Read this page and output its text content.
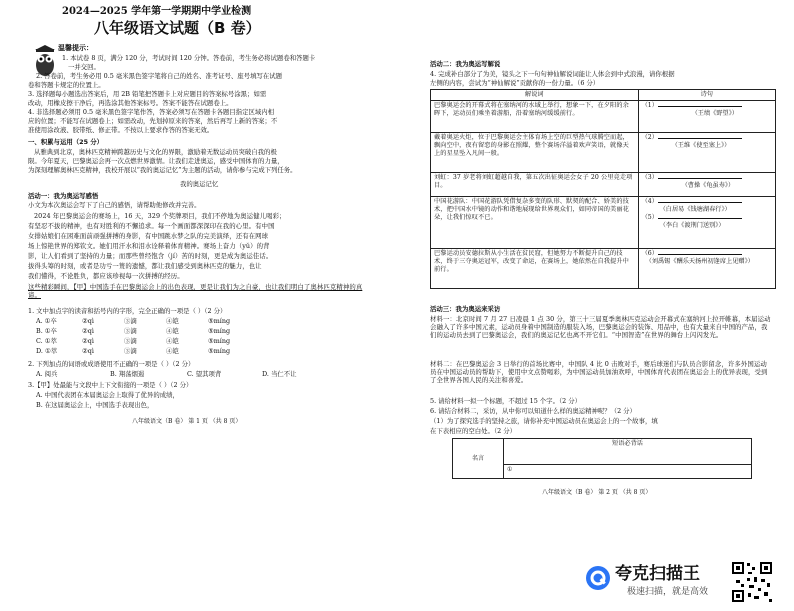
2024—2025 学年第一学期期中学业检测
八年级语文试题（B 卷）
温馨提示：
1. 本试卷 8 页，满分 120 分，考试时间 120 分钟。答卷前，考生务必将试题卷和答题卡
一并交回。
2. 答卷前，考生务必用 0.5 毫米黑色签字笔将自己的姓名、准考证号、座号填写在试题
卷和答题卡规定的位置上。
3. 选择题每小题选出答案后，用 2B 铅笔把答题卡上对应题目的答案标号涂黑；如需
改动，用橡皮擦干净后，再选涂其他答案标号。答案不能答在试题卷上。
4. 非选择题必须用 0.5 毫米黑色签字笔作答，答案必须写在答题卡各题目指定区域内相
应的位置；不能写在试题卷上；如需改动，先划掉原来的答案，然后再写上新的答案；不
准使用涂改液、胶带纸、修正带。不按以上要求作答的答案无效。
一、积累与运用（25 分）
从雅典到北京，奥林匹克精神跨越历史与文化的界限，激励着无数运动员突破自我的极
限。今年夏天，巴黎奥运会再一次点燃世界激情。让我们走进奥运，感受中国体育的力量，
为深刻理解奥林匹克精神，我校开展以“我的奥运记忆”为主题的活动，请你参与完成下列任务。
我的奥运记忆
活动一：我为奥运写感悟
小文为本次奥运会写下了自己的感悟，请帮助他修改并完善。
2024 年巴黎奥运会的赛场上，16 天，329 个奖牌项目，我们不停地为奥运健儿喝彩；
有坚忍不拔的精神，也有对胜利的不懈追求。每一个画面都深深印在我的心里。有中国
女排姑娘们在困难面前顽强拼搏的身影，有中国跳水梦之队的完美演绎，还有在网球
场上惊艳世界的郑钦文。她们用汗水和泪水诠释着体育精神。赛场上奋力（yǔ）的背
影，让人们看到了坚持的力量；而那些曾经饱含（jí）苦的时刻，更是成为奥运佳话。
拔得头筹的时刻，或者是功亏一篑的遗憾，都让我们感受到奥林匹克的魅力，也让
我们懂得，不论胜负，都应该珍视每一次拼搏的经历。
这些精彩瞬间，【甲】中国选手在巴黎奥运会上的出色表现，更是让我们为之自豪，也让我们明白了奥林匹克精神的真谛。
1. 文中加点字的读音和括号内的字形，完全正确的一项是（ ）（2 分）
A. ①卒	②qì	③滴	④皑	⑤míng
B. ①卒	②qì	③滴	④皑	⑤míng
C. ①萃	②qì	③滴	④皑	⑤míng
D. ①萃	②qì	③滴	④皑	⑤míng
2. 下列加点的词语或成语使用不正确的一项是（ ）（2 分）
A. 阅兵	B. 翔荡烟遏	C. 望其项背	D. 当仁不让
3.【甲】处最能与文段中上下文衔接的一项是（ ）（2 分）
A. 中国代表团在本届奥运会上取得了优异的成绩，
B. 在这届奥运会上，中国选手表现出色，
八年级语文（B 卷） 第 1 页 （共 8 页）
活动二：我为奥运写解说
4. 完成补白部分了为美，镜头之下一句句神仙解说词能让人体会到中式浪漫，请你根据
左侧的内容，尝试为“神仙解说”贡献你的一份力量。（6 分）
解说词	诗句
巴黎奥运会的开幕式将在塞纳河的水域上举行，想象一下，在夕阳的余晖下，运动员们乘坐着游船，沿着塞纳河缓缓前行。	（1）
（王绩《野望》）
戴着奥运火炬，位于巴黎奥运会主体育场上空的巨型热气球腾空而起，飘向空中，夜有留恋的身影在照耀，整个赛场洋溢着欢声笑语，就像天上的星星坠入凡间一般。	（2）
（王维《使至塞上》）
刘虹：37 岁老将刘虹超越自我，第五次出征奥运会女子 20 公里竞走项目。	（3）
（曹操《龟虽寿》）
中国花游队：中国花游队凭借复杂多变的队形、默契的配合、娇美的技术，把中国水中镜的动作和谐地展现给世界观众们，如同帝国的美丽花朵，让我们惊叹不已。	（4）
（白居易《钱塘湖春行》）
（5）
（李白《渡荆门送别》）
巴黎运动员安德拉斯从小生活在贫民窟，但她努力不断提升自己的技术，终于三夺奥运冠军，改变了命运，在赛场上，她依然在自我提升中前行。	（6）
（刘禹锡《酬乐天扬州初逢席上见赠》）
活动三：我为奥运来采访
材料一：北京时间 7 月 27 日凌晨 1 点 30 分，第三十三届夏季奥林匹克运动会开幕式在塞纳河上拉开帷幕，本届运动会融入了许多中国元素，运动员身着中国制造的服装入场，巴黎奥运会的装饰、用品中，也有大量来自中国的产品，我们的运动员去到了巴黎奥运会，我们的奥运记忆也离不开它们。“中国智造”在世界的舞台上闪闪发光。
材料二：在巴黎奥运会 3 日举行的首场比赛中，中国队 4 比 0 击败对手，赛后球迷们与队员合影留念，许多外国运动员在中国运动员的帮助下，使用中文点赞喝彩，为中国运动员加油欢呼，中国体育代表团在奥运会上的优异表现，受到了全世界各国人民的关注和喜爱。
5. 请给材料一拟一个标题，不超过 15 个字。（2 分）
6. 请结合材料二，采访，从中你可以知道什么样的奥运精神呢？（2 分）
（1）为了探究选手的坚持之旅，请你补充中国运动员在奥运会上的一个故事，填
在下表相应的空白处。（2 分）
名言	短语必背话
①
八年级语文（B 卷） 第 2 页 （共 8 页）
夸克扫描王
极速扫描，就是高效
